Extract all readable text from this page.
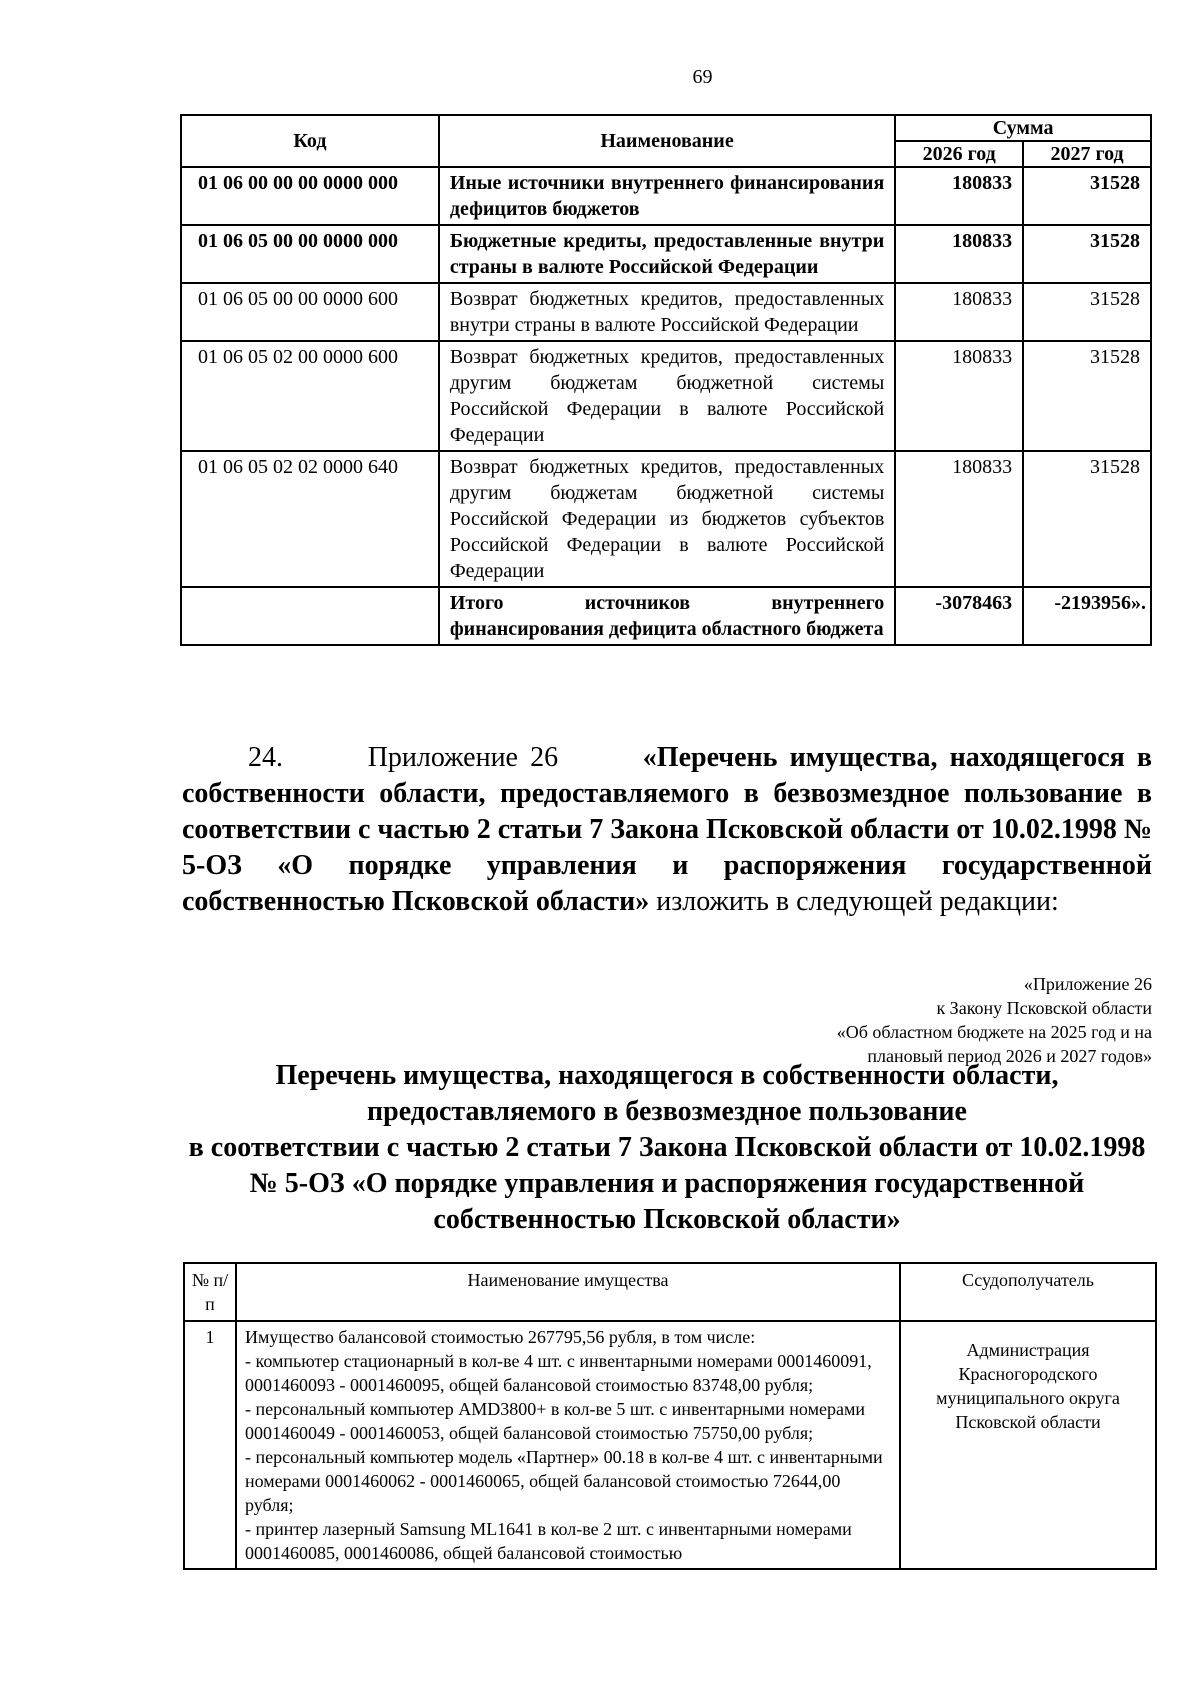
69
Код	Наименование	Сумма	
		2026 год	2027 год
01 06 00 00 00 0000 000	Иные источники внутреннего финансирования дефицитов бюджетов	180833	31528
01 06 05 00 00 0000 000	Бюджетные кредиты, предоставленные внутри страны в валюте Российской Федерации	180833	31528
01 06 05 00 00 0000 600	Возврат бюджетных кредитов, предоставленных внутри страны в валюте Российской Федерации	180833	31528
01 06 05 02 00 0000 600	Возврат бюджетных кредитов, предоставленных другим бюджетам бюджетной системы Российской Федерации в валюте Российской Федерации	180833	31528
01 06 05 02 02 0000 640	Возврат бюджетных кредитов, предоставленных другим бюджетам бюджетной системы Российской Федерации из бюджетов субъектов Российской Федерации в валюте Российской Федерации	180833	31528
	Итого источников внутреннего финансирования дефицита областного бюджета	-3078463	-2193956».
24.	Приложение 26	«Перечень имущества, находящегося в собственности области, предоставляемого в безвозмездное пользование в соответствии с частью 2 статьи 7 Закона Псковской области от 10.02.1998 № 5-ОЗ «О порядке управления и распоряжения государственной собственностью Псковской области» изложить в следующей редакции:
«Приложение 26
к Закону Псковской области
«Об областном бюджете на 2025 год и на
плановый период 2026 и 2027 годов»
Перечень имущества, находящегося в собственности области,
предоставляемого в безвозмездное пользование
в соответствии с частью 2 статьи 7 Закона Псковской области от 10.02.1998
№ 5-ОЗ «О порядке управления и распоряжения государственной
собственностью Псковской области»
№ п/п	Наименование имущества	Ссудополучатель
1	Имущество балансовой стоимостью 267795,56 рубля, в том числе:
- компьютер стационарный в кол-ве 4 шт. с инвентарными номерами 0001460091, 0001460093 - 0001460095, общей балансовой стоимостью 83748,00 рубля;
- персональный компьютер AMD3800+ в кол-ве 5 шт. с инвентарными номерами 0001460049 - 0001460053, общей балансовой стоимостью 75750,00 рубля;
- персональный компьютер модель «Партнер» 00.18 в кол-ве 4 шт. с инвентарными номерами 0001460062 - 0001460065, общей балансовой стоимостью 72644,00 рубля;
- принтер лазерный Samsung ML1641 в кол-ве 2 шт. с инвентарными номерами 0001460085, 0001460086, общей балансовой стоимостью	Администрация Красногородского муниципального округа Псковской области
